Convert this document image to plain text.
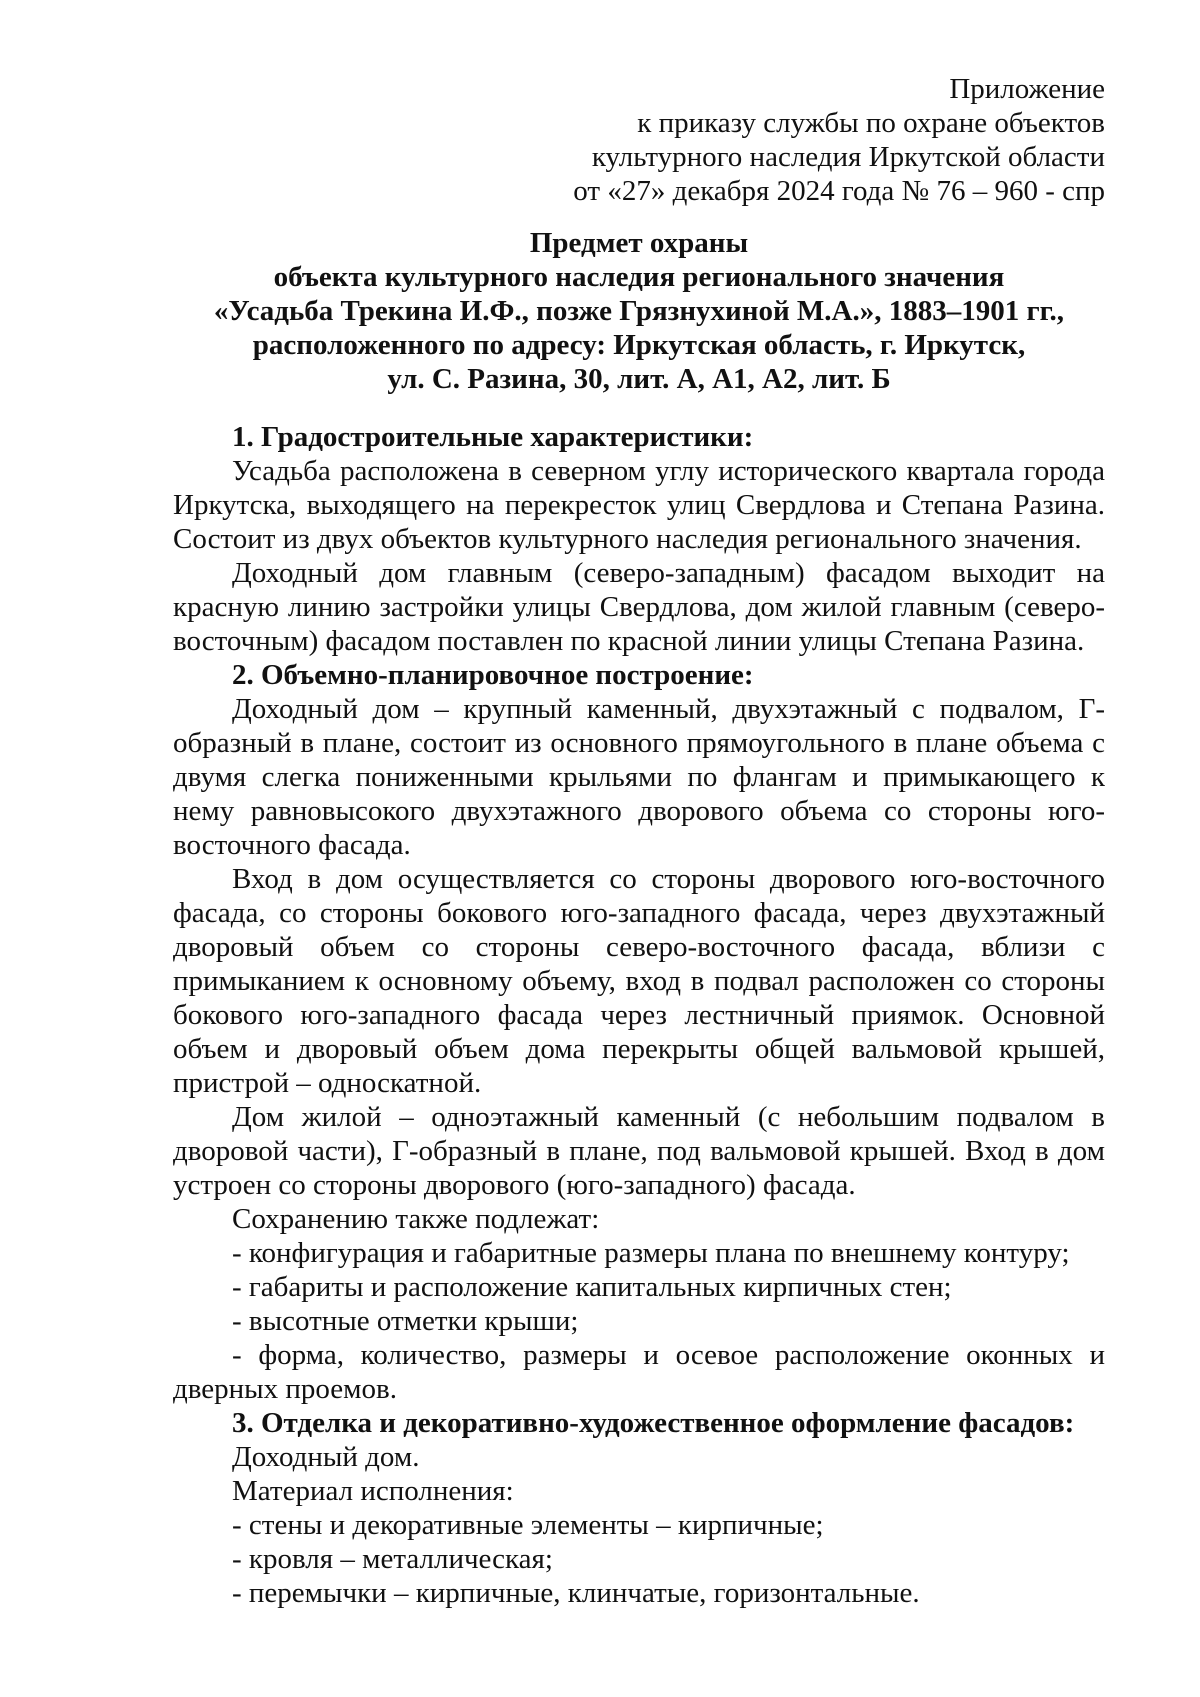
Приложение
к приказу службы по охране объектов
культурного наследия Иркутской области
от «27» декабря 2024 года № 76 – 960 - спр
Предмет охраны
объекта культурного наследия регионального значения
«Усадьба Трекина И.Ф., позже Грязнухиной М.А.», 1883–1901 гг.,
расположенного по адресу: Иркутская область, г. Иркутск,
ул. С. Разина, 30, лит. А, А1, А2, лит. Б

1. Градостроительные характеристики:

Усадьба расположена в северном углу исторического квартала города Иркутска, выходящего на перекресток улиц Свердлова и Степана Разина. Состоит из двух объектов культурного наследия регионального значения.

Доходный дом главным (северо-западным) фасадом выходит на красную линию застройки улицы Свердлова, дом жилой главным (северо-восточным) фасадом поставлен по красной линии улицы Степана Разина.

2. Объемно-планировочное построение:

Доходный дом – крупный каменный, двухэтажный с подвалом, Г-образный в плане, состоит из основного прямоугольного в плане объема с двумя слегка пониженными крыльями по флангам и примыкающего к нему равновысокого двухэтажного дворового объема со стороны юго-восточного фасада.

Вход в дом осуществляется со стороны дворового юго-восточного фасада, со стороны бокового юго-западного фасада, через двухэтажный дворовый объем со стороны северо-восточного фасада, вблизи с примыканием к основному объему, вход в подвал расположен со стороны бокового юго-западного фасада через лестничный приямок. Основной объем и дворовый объем дома перекрыты общей вальмовой крышей, пристрой – односкатной.

Дом жилой – одноэтажный каменный (с небольшим подвалом в дворовой части), Г-образный в плане, под вальмовой крышей. Вход в дом устроен со стороны дворового (юго-западного) фасада.

Сохранению также подлежат:

- конфигурация и габаритные размеры плана по внешнему контуру;

- габариты и расположение капитальных кирпичных стен;

- высотные отметки крыши;

- форма, количество, размеры и осевое расположение оконных и дверных проемов.

3. Отделка и декоративно-художественное оформление фасадов:

Доходный дом.

Материал исполнения:

- стены и декоративные элементы – кирпичные;

- кровля – металлическая;

- перемычки – кирпичные, клинчатые, горизонтальные.
